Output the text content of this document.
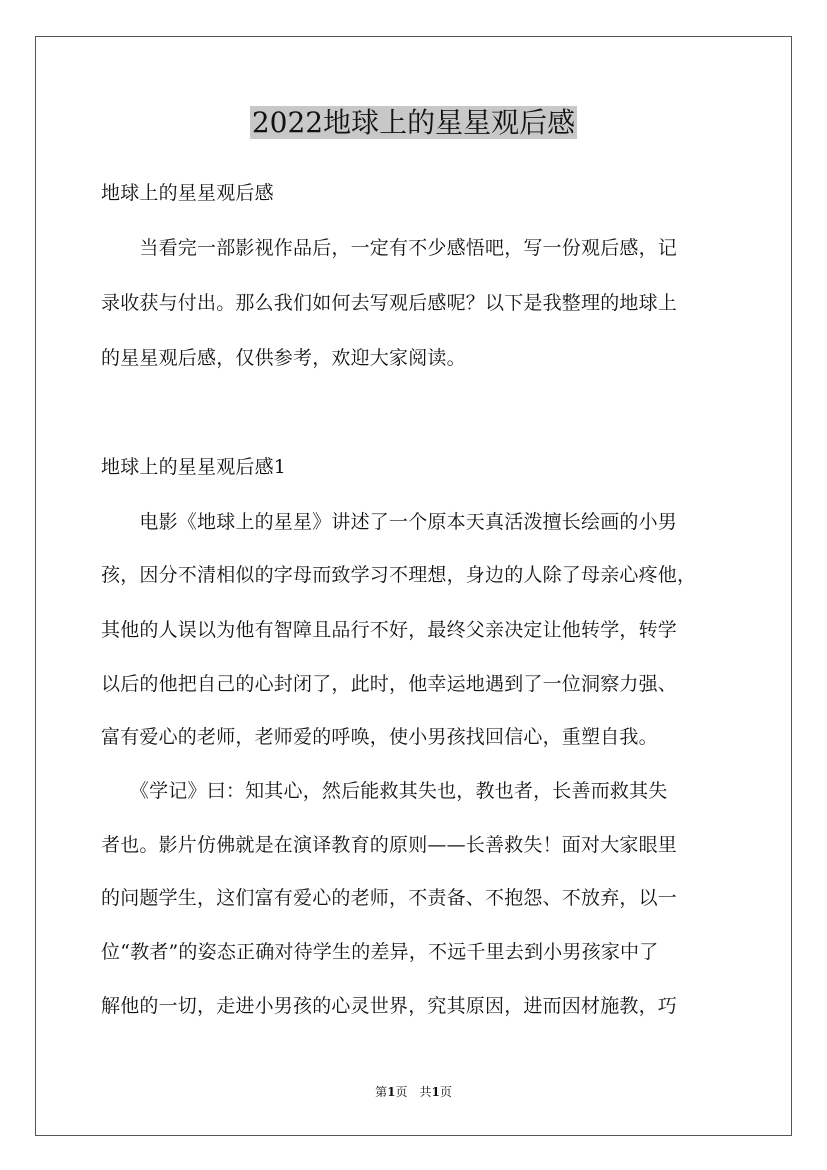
2022地球上的星星观后感
地球上的星星观后感
　　当看完一部影视作品后，一定有不少感悟吧，写一份观后感，记
录收获与付出。那么我们如何去写观后感呢？以下是我整理的地球上
的星星观后感，仅供参考，欢迎大家阅读。
地球上的星星观后感1
　　电影《地球上的星星》讲述了一个原本天真活泼擅长绘画的小男
孩，因分不清相似的字母而致学习不理想，身边的人除了母亲心疼他，
其他的人误以为他有智障且品行不好，最终父亲决定让他转学，转学
以后的他把自己的心封闭了，此时，他幸运地遇到了一位洞察力强、
富有爱心的老师，老师爱的呼唤，使小男孩找回信心，重塑自我。
　　《学记》曰：知其心，然后能救其失也，教也者，长善而救其失
者也。影片仿佛就是在演译教育的原则——长善救失！面对大家眼里
的问题学生，这们富有爱心的老师，不责备、不抱怨、不放弃，以一
位“教者”的姿态正确对待学生的差异，不远千里去到小男孩家中了
解他的一切，走进小男孩的心灵世界，究其原因，进而因材施教，巧
第1页　共1页
